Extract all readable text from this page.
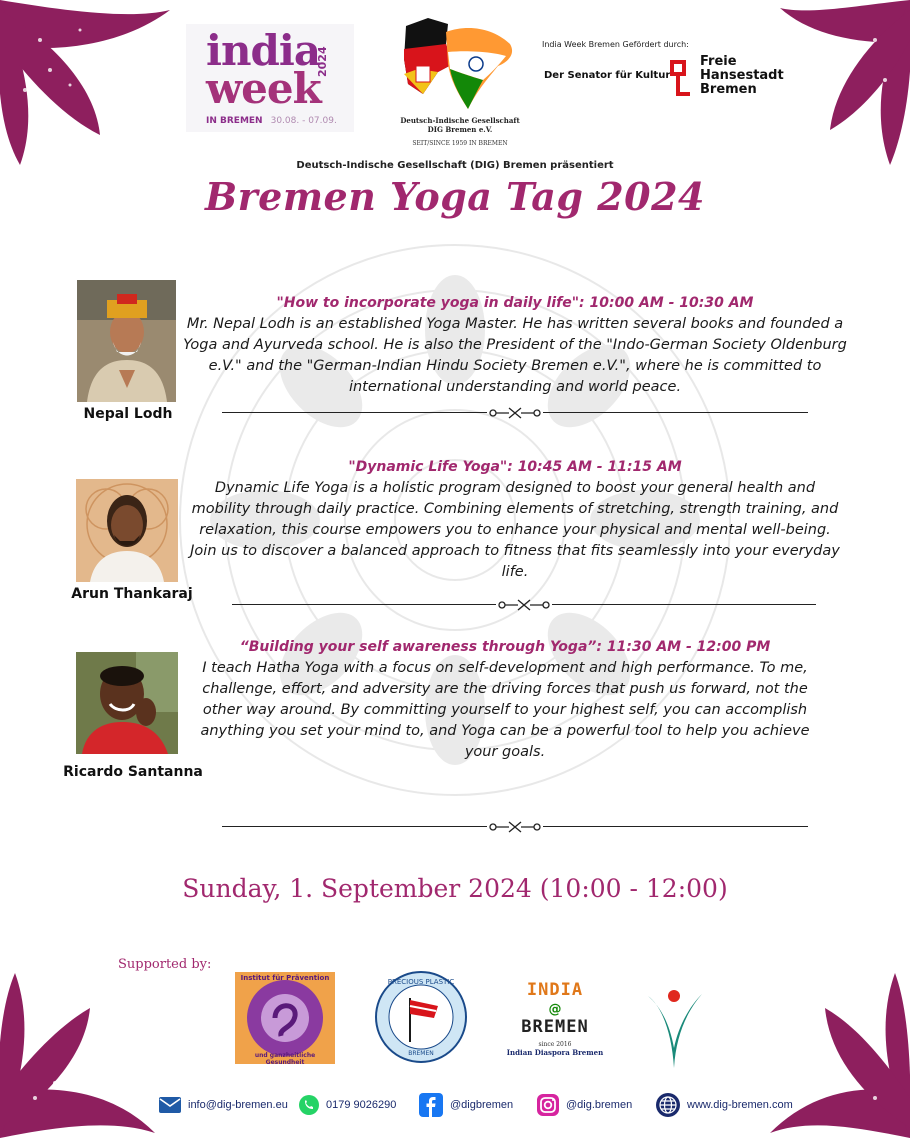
india
week
2024
IN BREMEN 30.08. - 07.09.	Deutsch-Indische Gesellschaft
DIG Bremen e.V.
SEIT/SINCE 1959 IN BREMEN
India Week Bremen Gefördert durch:
Der Senator für Kultur
Freie
Hansestadt
Bremen
Deutsch-Indische Gesellschaft (DIG) Bremen präsentiert
Bremen Yoga Tag 2024
Nepal Lodh
"How to incorporate yoga in daily life": 10:00 AM - 10:30 AM
Mr. Nepal Lodh is an established Yoga Master. He has written several books and founded a Yoga and Ayurveda school. He is also the President of the "Indo-German Society Oldenburg e.V." and the "German-Indian Hindu Society Bremen e.V.", where he is committed to international understanding and world peace.
Arun Thankaraj
"Dynamic Life Yoga": 10:45 AM - 11:15 AM
Dynamic Life Yoga is a holistic program designed to boost your general health and mobility through daily practice. Combining elements of stretching, strength training, and relaxation, this course empowers you to enhance your physical and mental well-being. Join us to discover a balanced approach to fitness that fits seamlessly into your everyday life.
Ricardo Santanna
“Building your self awareness through Yoga”: 11:30 AM - 12:00 PM
I teach Hatha Yoga with a focus on self-development and high performance. To me, challenge, effort, and adversity are the driving forces that push us forward, not the other way around. By committing yourself to your highest self, you can accomplish anything you set your mind to, and Yoga can be a powerful tool to help you achieve your goals.
Sunday, 1. September 2024 (10:00 - 12:00)
Supported by:
Institut für Prävention
und ganzheitliche Gesundheit
PRECIOUS PLASTIC
BREMEN
INDIA
@
BREMEN
since 2016
Indian Diaspora Bremen
info@dig-bremen.eu	0179 9026290	@digbremen	@dig.bremen	www.dig-bremen.com
